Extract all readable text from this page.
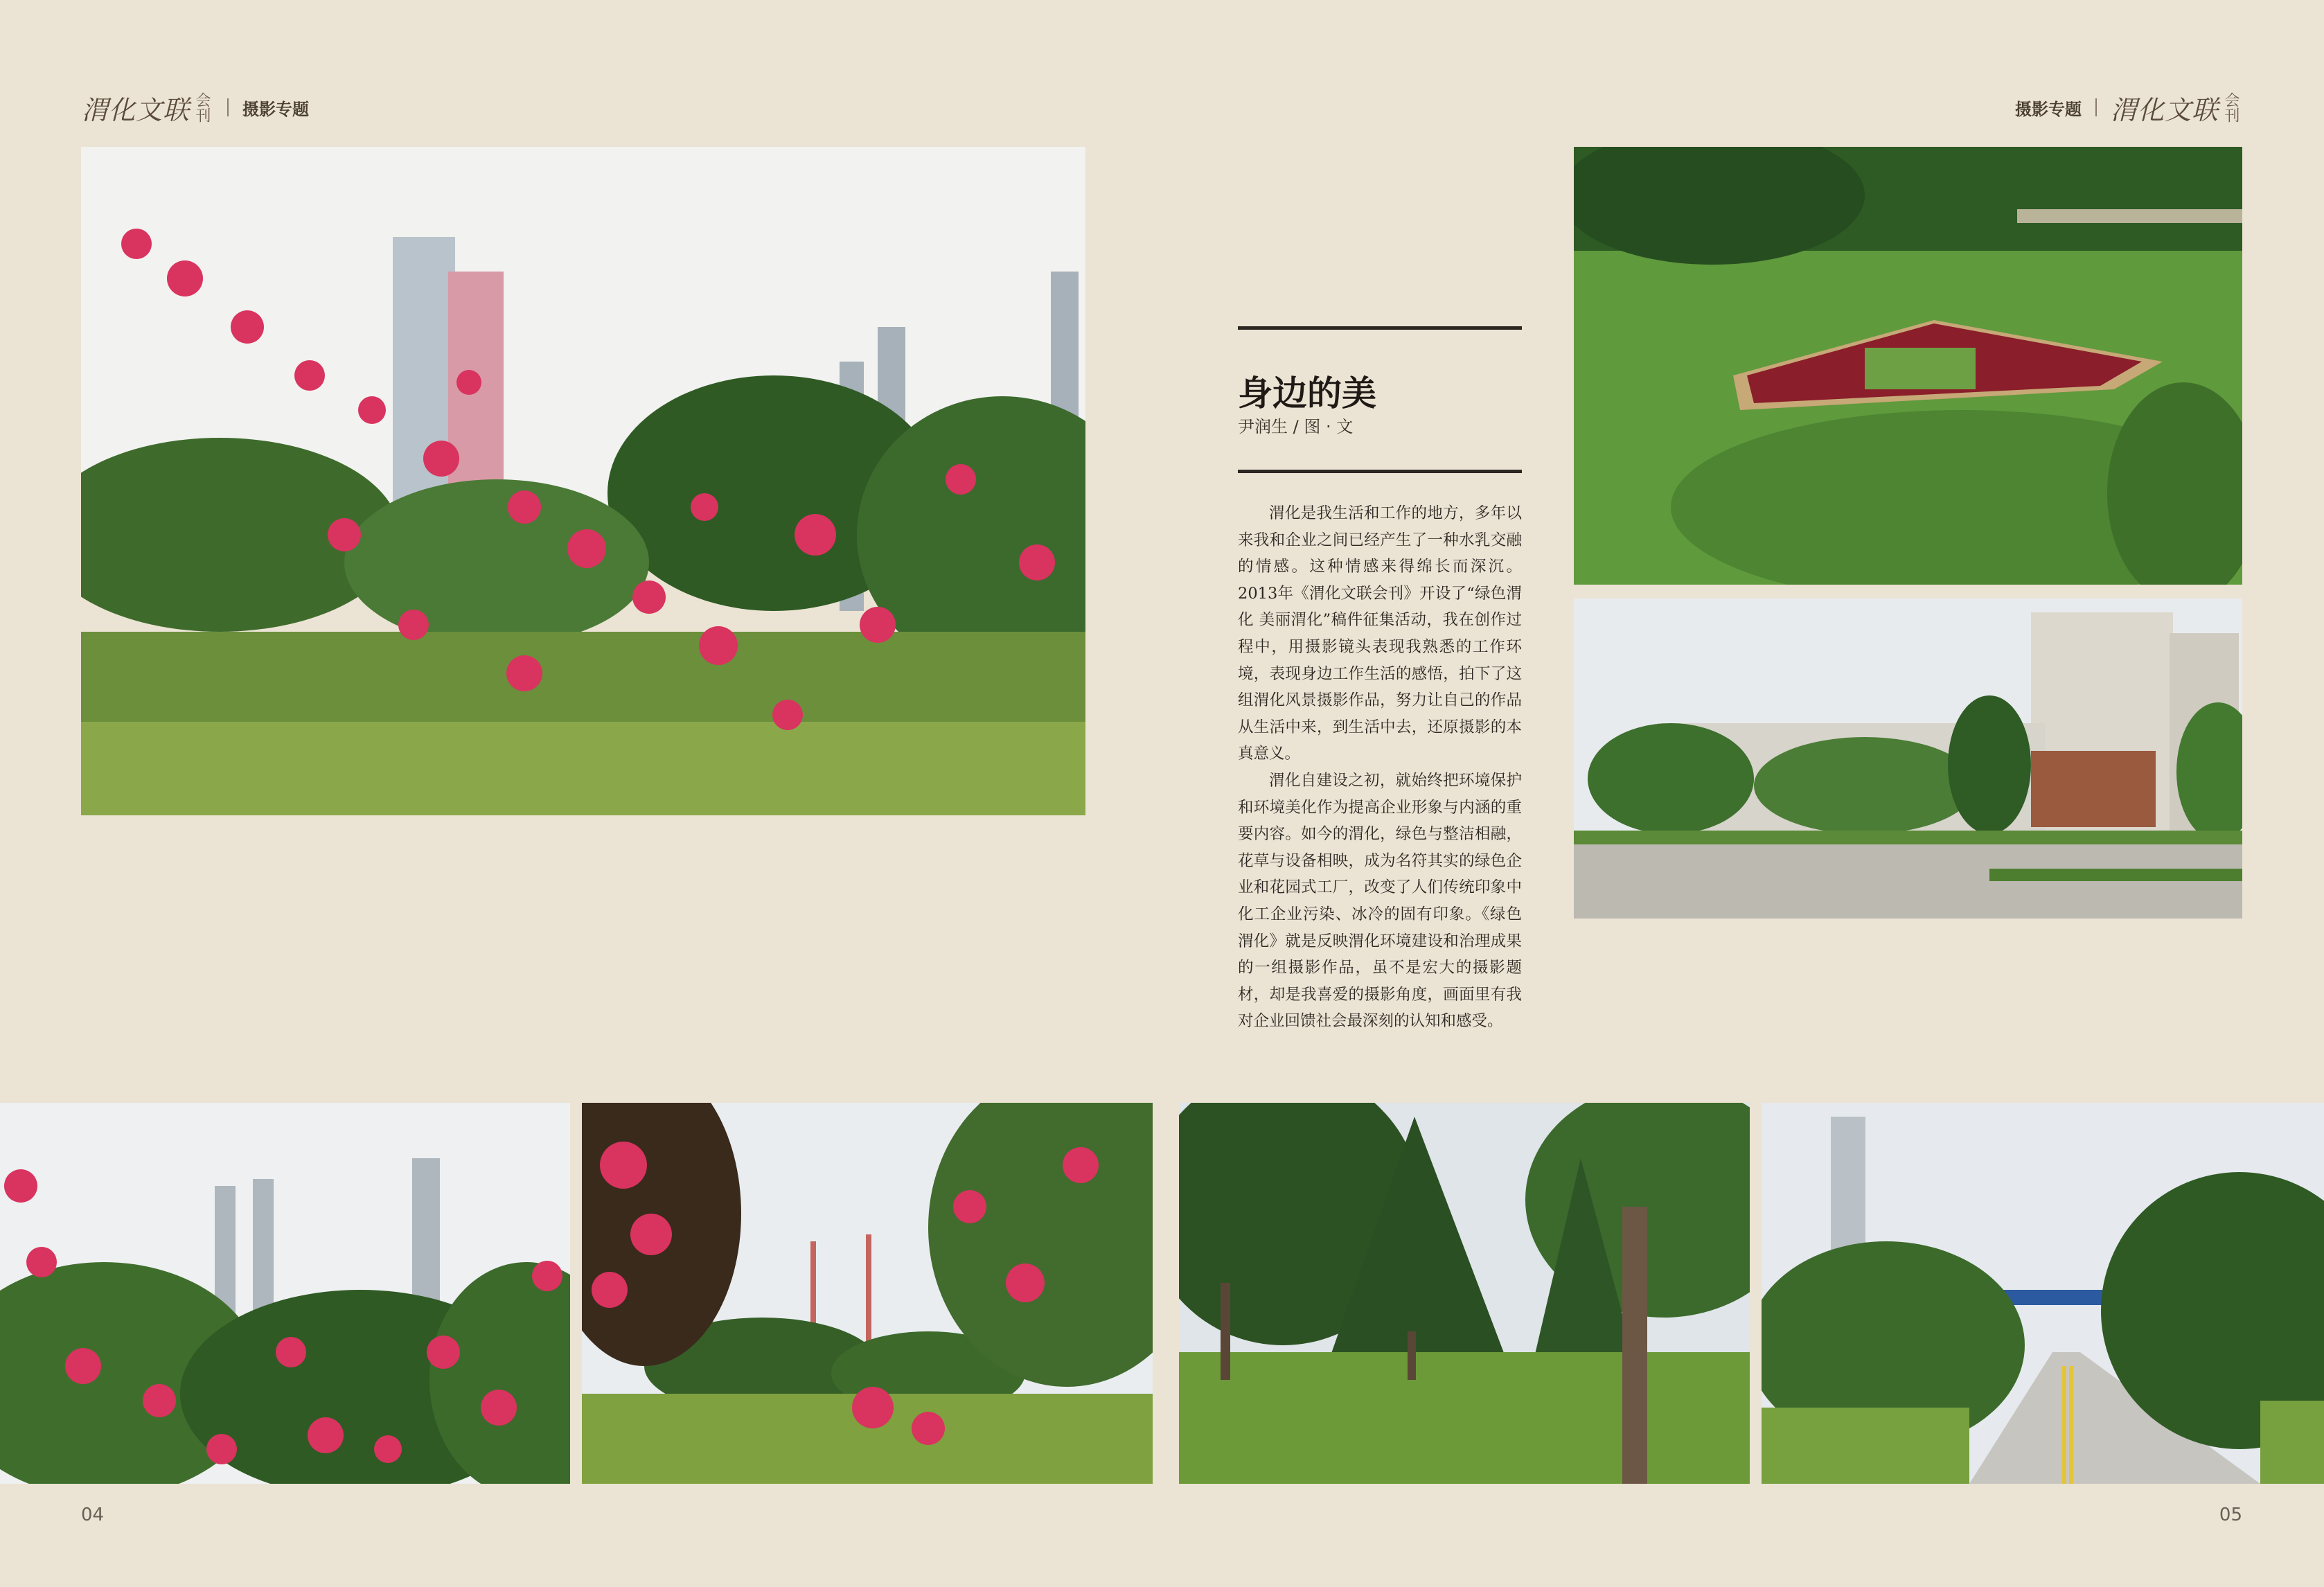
渭化文联 会刊 摄影专题	摄影专题 渭化文联 会刊
身边的美
尹润生 / 图 · 文

渭化是我生活和工作的地方，多年以来我和企业之间已经产生了一种水乳交融的情感。这种情感来得绵长而深沉。2013年《渭化文联会刊》开设了“绿色渭化 美丽渭化”稿件征集活动，我在创作过程中，用摄影镜头表现我熟悉的工作环境，表现身边工作生活的感悟，拍下了这组渭化风景摄影作品，努力让自己的作品从生活中来，到生活中去，还原摄影的本真意义。

渭化自建设之初，就始终把环境保护和环境美化作为提高企业形象与内涵的重要内容。如今的渭化，绿色与整洁相融，花草与设备相映，成为名符其实的绿色企业和花园式工厂，改变了人们传统印象中化工企业污染、冰冷的固有印象。《绿色渭化》就是反映渭化环境建设和治理成果的一组摄影作品，虽不是宏大的摄影题材，却是我喜爱的摄影角度，画面里有我对企业回馈社会最深刻的认知和感受。

04	05
